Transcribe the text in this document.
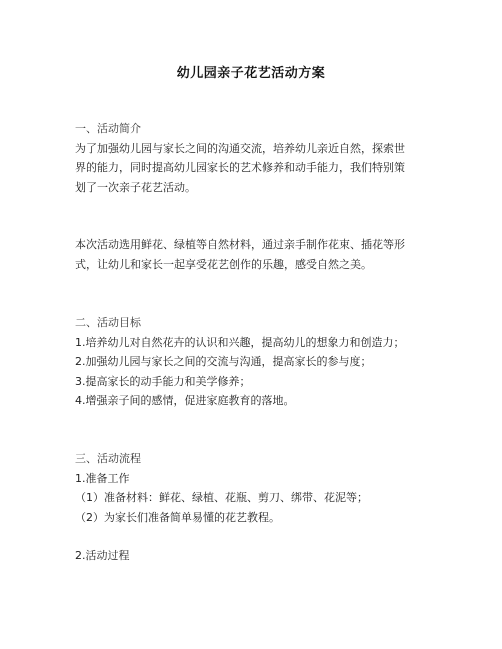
幼儿园亲子花艺活动方案

一、活动简介

为了加强幼儿园与家长之间的沟通交流，培养幼儿亲近自然，探索世

界的能力，同时提高幼儿园家长的艺术修养和动手能力，我们特别策

划了一次亲子花艺活动。

本次活动选用鲜花、绿植等自然材料，通过亲手制作花束、插花等形

式，让幼儿和家长一起享受花艺创作的乐趣，感受自然之美。

二、活动目标

1.培养幼儿对自然花卉的认识和兴趣，提高幼儿的想象力和创造力；

2.加强幼儿园与家长之间的交流与沟通，提高家长的参与度；

3.提高家长的动手能力和美学修养；

4.增强亲子间的感情，促进家庭教育的落地。

三、活动流程

1.准备工作

（1）准备材料：鲜花、绿植、花瓶、剪刀、绑带、花泥等；

（2）为家长们准备简单易懂的花艺教程。

2.活动过程
